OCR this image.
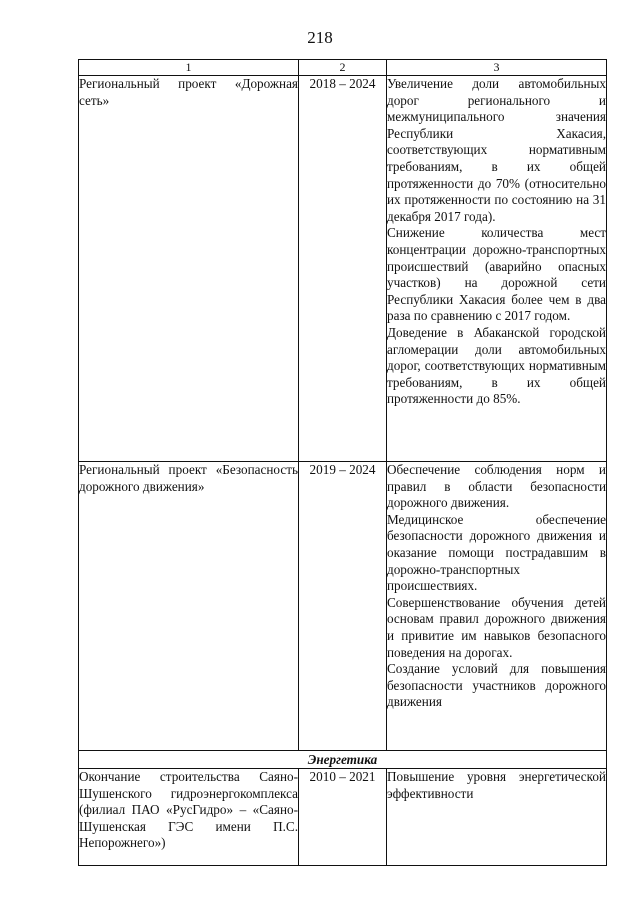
218
1	2	3
Региональный проект «Дорожная сеть»	2018 – 2024	Увеличение доли автомобильных дорог регионального и межмуниципального значения Республики Хакасия, соответствующих нормативным требованиям, в их общей протяженности до 70% (относительно их протяженности по состоянию на 31 декабря 2017 года).

Снижение количества мест концентрации дорожно-транспортных происшествий (аварийно опасных участков) на дорожной сети Республики Хакасия более чем в два раза по сравнению с 2017 годом.

Доведение в Абаканской городской агломерации доли автомобильных дорог, соответствующих нормативным требованиям, в их общей протяженности до 85%.

Региональный проект «Безопасность дорожного движения»	2019 – 2024	Обеспечение соблюдения норм и правил в области безопасности дорожного движения.

Медицинское обеспечение безопасности дорожного движения и оказание помощи пострадавшим в дорожно-транспортных происшествиях.

Совершенствование обучения детей основам правил дорожного движения и привитие им навыков безопасного поведения на дорогах.

Создание условий для повышения безопасности участников дорожного движения

Энергетика		
Окончание строительства Саяно-Шушенского гидроэнергокомплекса (филиал ПАО «РусГидро» – «Саяно-Шушенская ГЭС имени П.С. Непорожнего»)	2010 – 2021	Повышение уровня энергетической эффективности
